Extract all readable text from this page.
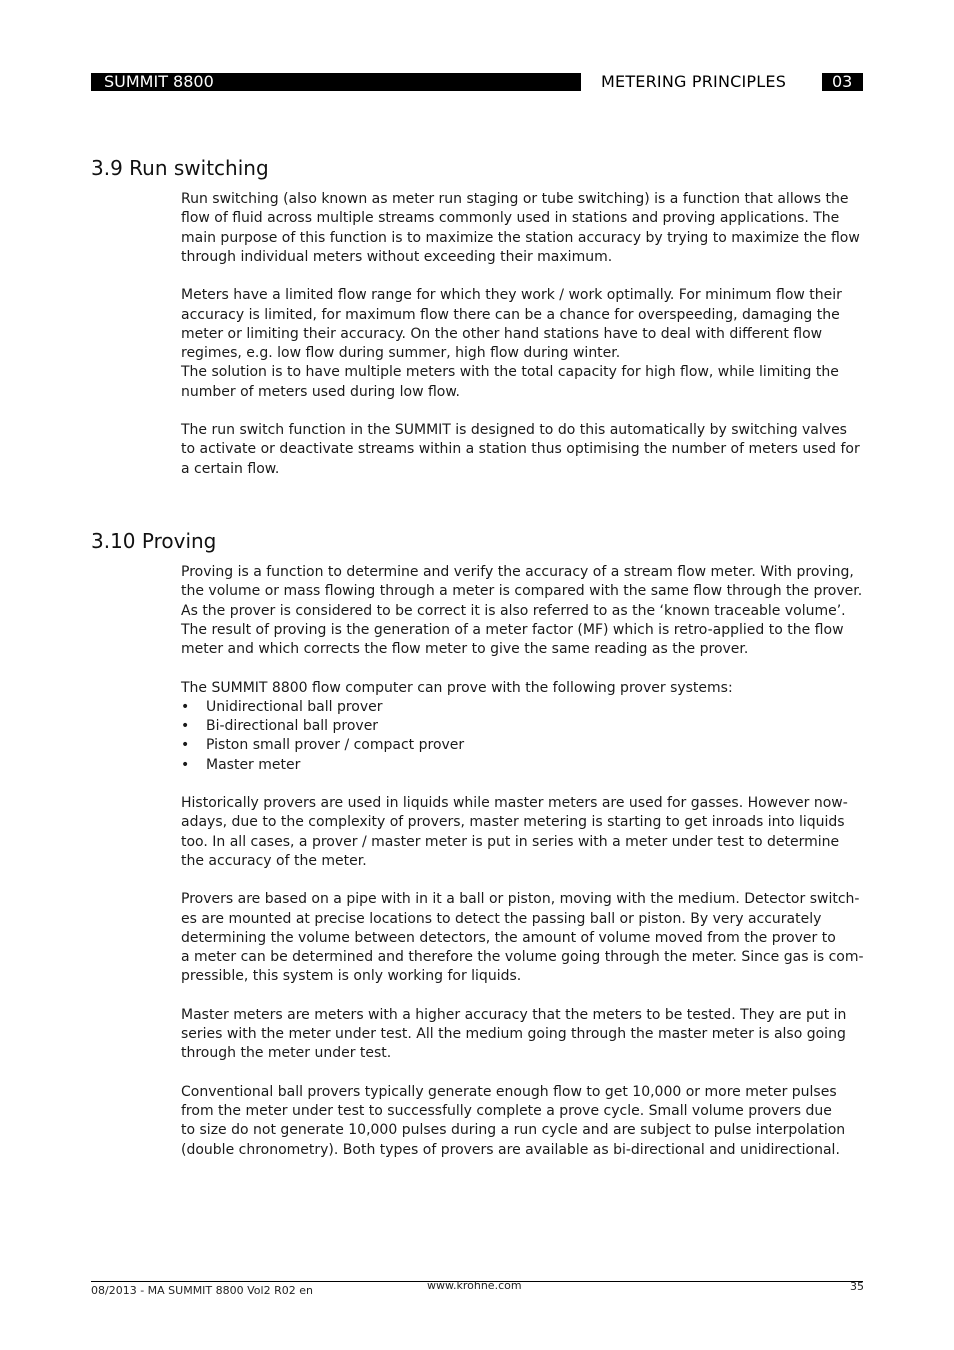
SUMMIT 8800	METERING PRINCIPLES	03
3.9 Run switching

Run switching (also known as meter run staging or tube switching) is a function that allows the

flow of fluid across multiple streams commonly used in stations and proving applications. The

main purpose of this function is to maximize the station accuracy by trying to maximize the flow

through individual meters without exceeding their maximum.

Meters have a limited flow range for which they work / work optimally. For minimum flow their

accuracy is limited, for maximum flow there can be a chance for overspeeding, damaging the

meter or limiting their accuracy. On the other hand stations have to deal with different flow

regimes, e.g. low flow during summer, high flow during winter.

The solution is to have multiple meters with the total capacity for high flow, while limiting the

number of meters used during low flow.

The run switch function in the SUMMIT is designed to do this automatically by switching valves

to activate or deactivate streams within a station thus optimising the number of meters used for

a certain flow.

3.10 Proving

Proving is a function to determine and verify the accuracy of a stream flow meter. With proving,

the volume or mass flowing through a meter is compared with the same flow through the prover.

As the prover is considered to be correct it is also referred to as the ‘known traceable volume’.

The result of proving is the generation of a meter factor (MF) which is retro-applied to the flow

meter and which corrects the flow meter to give the same reading as the prover.

The SUMMIT 8800 flow computer can prove with the following prover systems:

•	Unidirectional ball prover
•	Bi-directional ball prover
•	Piston small prover / compact prover
•	Master meter

Historically provers are used in liquids while master meters are used for gasses. However now-

adays, due to the complexity of provers, master metering is starting to get inroads into liquids

too. In all cases, a prover / master meter is put in series with a meter under test to determine

the accuracy of the meter.

Provers are based on a pipe with in it a ball or piston, moving with the medium. Detector switch-

es are mounted at precise locations to detect the passing ball or piston. By very accurately

determining the volume between detectors, the amount of volume moved from the prover to

a meter can be determined and therefore the volume going through the meter. Since gas is com-

pressible, this system is only working for liquids.

Master meters are meters with a higher accuracy that the meters to be tested. They are put in

series with the meter under test. All the medium going through the master meter is also going

through the meter under test.

Conventional ball provers typically generate enough flow to get 10,000 or more meter pulses

from the meter under test to successfully complete a prove cycle. Small volume provers due

to size do not generate 10,000 pulses during a run cycle and are subject to pulse interpolation

(double chronometry). Both types of provers are available as bi-directional and unidirectional.

08/2013 - MA SUMMIT 8800 Vol2 R02 en	www.krohne.com	35
